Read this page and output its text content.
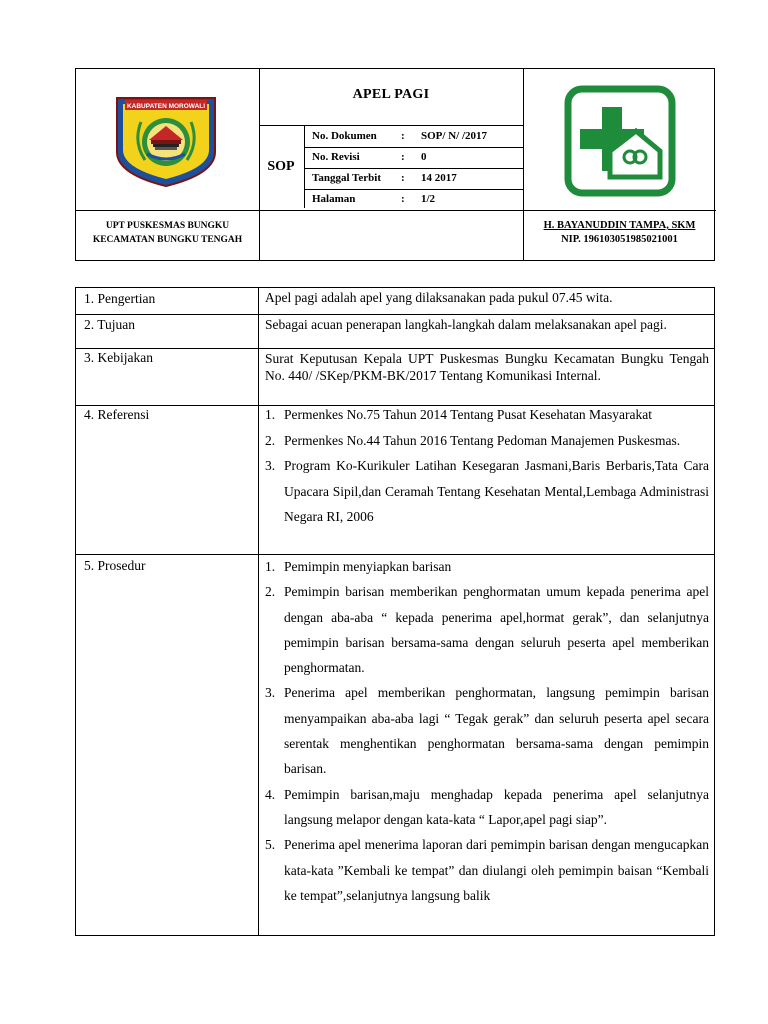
KABUPATEN MOROWALI
APEL PAGI
SOP
No. Dokumen : SOP/ N/ /2017
No. Revisi	: 0
Tanggal Terbit : 14 2017
Halaman	: 1/2
UPT PUSKESMAS BUNGKU
KECAMATAN BUNGKU TENGAH
H. BAYANUDDIN TAMPA, SKM
NIP. 196103051985021001
1. Pengertian	Apel pagi adalah apel yang dilaksanakan pada pukul 07.45 wita.
2. Tujuan	Sebagai acuan penerapan langkah-langkah dalam melaksanakan apel pagi.
3. Kebijakan	Surat Keputusan Kepala UPT Puskesmas Bungku Kecamatan Bungku Tengah No. 440/ /SKep/PKM-BK/2017 Tentang Komunikasi Internal.
4. Referensi	1. Permenkes No.75 Tahun 2014 Tentang Pusat Kesehatan Masyarakat
2. Permenkes No.44 Tahun 2016 Tentang Pedoman Manajemen Puskesmas.
3. Program Ko-Kurikuler Latihan Kesegaran Jasmani,Baris Berbaris,Tata Cara Upacara Sipil,dan Ceramah Tentang Kesehatan Mental,Lembaga Administrasi Negara RI, 2006
5. Prosedur	1. Pemimpin menyiapkan barisan
2. Pemimpin barisan memberikan penghormatan umum kepada penerima apel dengan aba-aba “ kepada penerima apel,hormat gerak”, dan selanjutnya pemimpin barisan bersama-sama dengan seluruh peserta apel memberikan penghormatan.
3. Penerima apel memberikan penghormatan, langsung pemimpin barisan menyampaikan aba-aba lagi “ Tegak gerak” dan seluruh peserta apel secara serentak menghentikan penghormatan bersama-sama dengan pemimpin barisan.
4. Pemimpin barisan,maju menghadap kepada penerima apel selanjutnya langsung melapor dengan kata-kata “ Lapor,apel pagi siap”.
5. Penerima apel menerima laporan dari pemimpin barisan dengan mengucapkan kata-kata ”Kembali ke tempat” dan diulangi oleh pemimpin baisan “Kembali ke tempat”,selanjutnya langsung balik
